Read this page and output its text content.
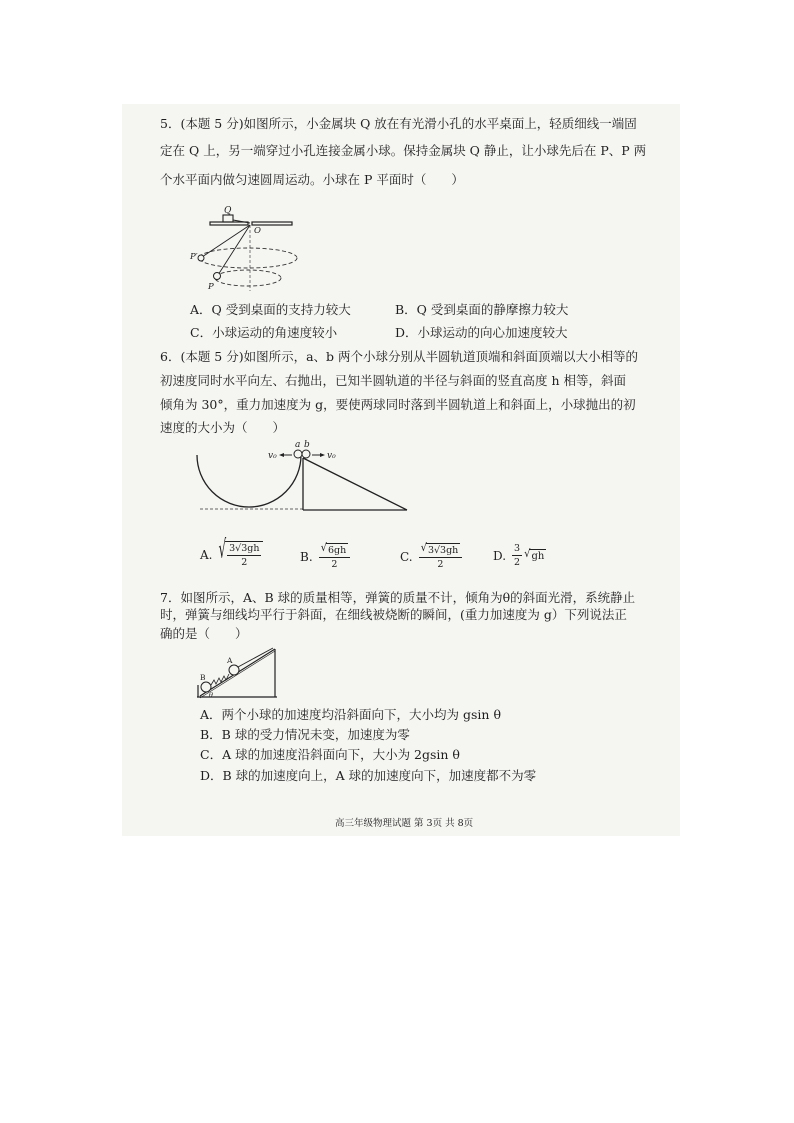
5．(本题 5 分)如图所示，小金属块 Q 放在有光滑小孔的水平桌面上，轻质细线一端固
定在 Q 上，另一端穿过小孔连接金属小球。保持金属块 Q 静止，让小球先后在 P、P 两
个水平面内做匀速圆周运动。小球在 P 平面时（　　）
Q
O
P′
P
A．Q 受到桌面的支持力较大	B．Q 受到桌面的静摩擦力较大
C．小球运动的角速度较小	D．小球运动的向心加速度较大
6．(本题 5 分)如图所示，a、b 两个小球分别从半圆轨道顶端和斜面顶端以大小相等的
初速度同时水平向左、右抛出，已知半圆轨道的半径与斜面的竖直高度 h 相等，斜面
倾角为 30°，重力加速度为 g，要使两球同时落到半圆轨道上和斜面上，小球抛出的初
速度的大小为（　　）
a b
v₀	v₀
A. √ $\frac{3√3gh}{2}$	B. $\frac{√ 6gh}{2}$	C. $\frac{√ 3√3gh}{2}$	D. $\frac{3}{2}$ √ gh
7．如图所示，A、B 球的质量相等，弹簧的质量不计，倾角为θ的斜面光滑，系统静止
时，弹簧与细线均平行于斜面，在细线被烧断的瞬间，(重力加速度为 g）下列说法正
确的是（　　）
A
B
θ
A．两个小球的加速度均沿斜面向下，大小均为 gsin θ
B．B 球的受力情况未变，加速度为零
C．A 球的加速度沿斜面向下，大小为 2gsin θ
D．B 球的加速度向上，A 球的加速度向下，加速度都不为零
高三年级物理试题 第 3页 共 8页
